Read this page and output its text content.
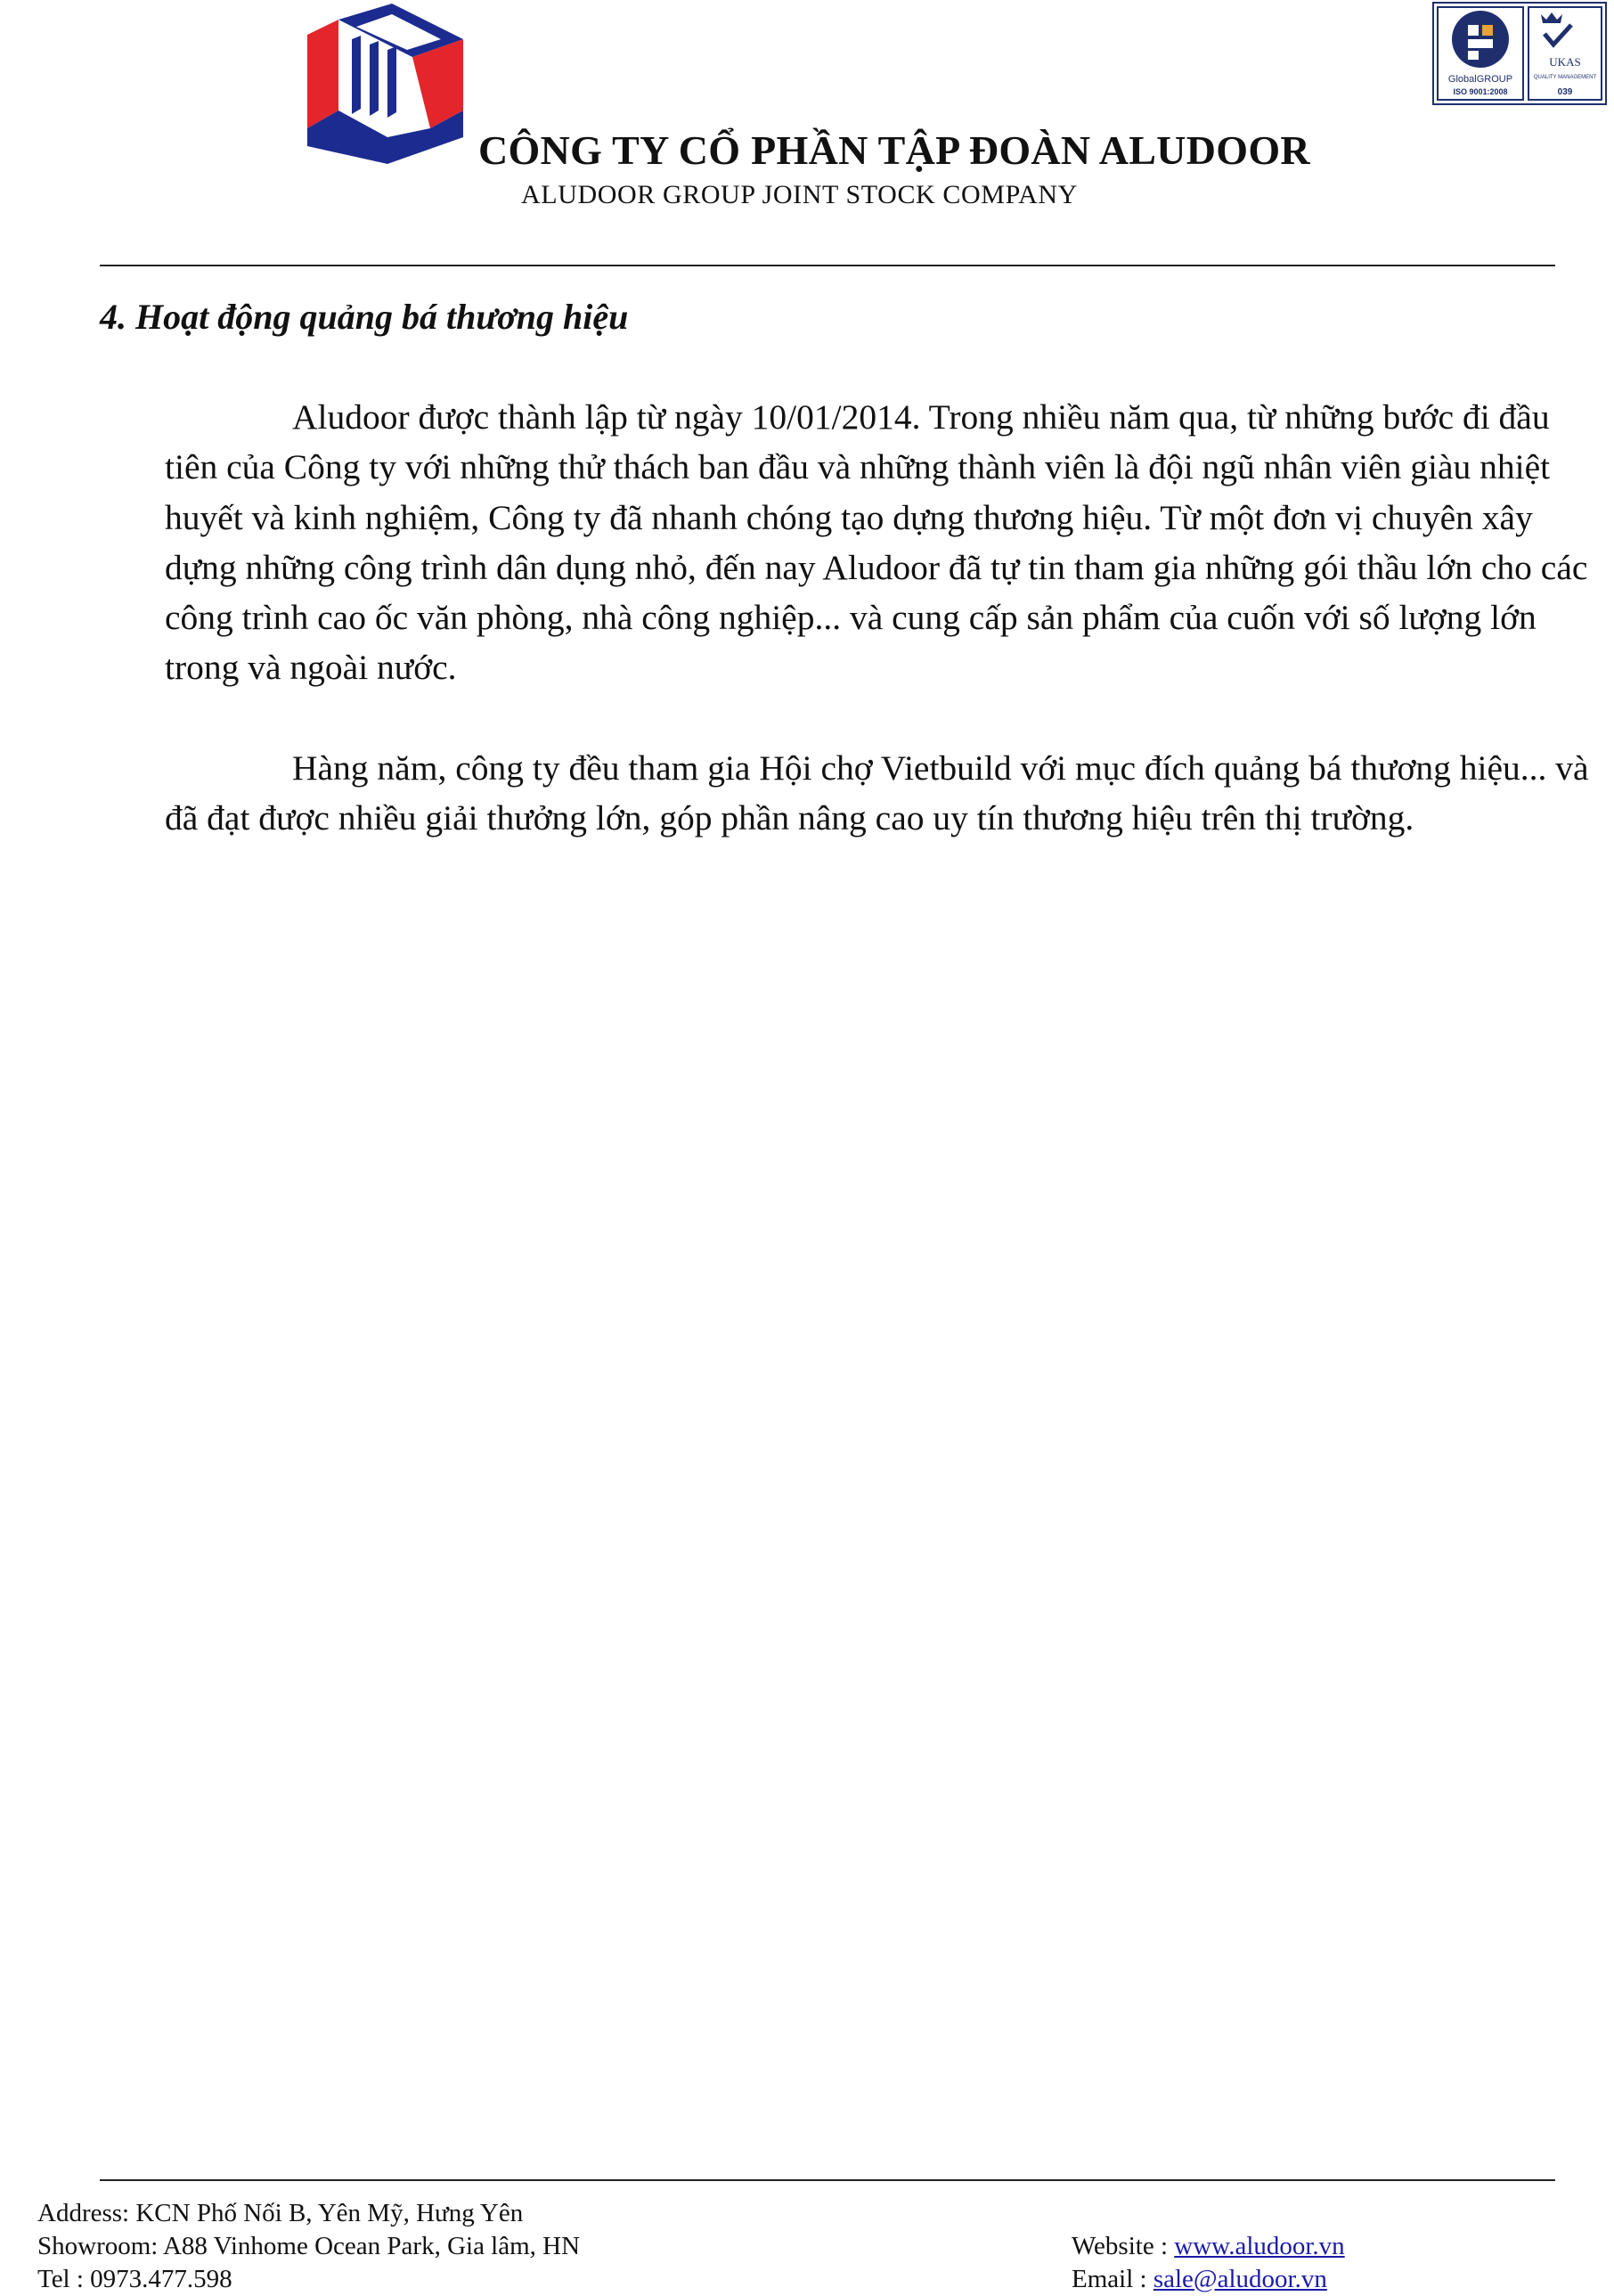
GlobalGROUP
ISO 9001:2008
UKAS
QUALITY MANAGEMENT
039
CÔNG TY CỔ PHẦN TẬP ĐOÀN ALUDOOR
ALUDOOR GROUP JOINT STOCK COMPANY
4. Hoạt động quảng bá thương hiệu

Aludoor được thành lập từ ngày 10/01/2014. Trong nhiều năm qua, từ những bước đi đầu tiên của Công ty với những thử thách ban đầu và những thành viên là đội ngũ nhân viên giàu nhiệt huyết và kinh nghiệm, Công ty đã nhanh chóng tạo dựng thương hiệu. Từ một đơn vị chuyên xây dựng những công trình dân dụng nhỏ, đến nay Aludoor đã tự tin tham gia những gói thầu lớn cho các công trình cao ốc văn phòng, nhà công nghiệp... và cung cấp sản phẩm của cuốn với số lượng lớn trong và ngoài nước.

Hàng năm, công ty đều tham gia Hội chợ Vietbuild với mục đích quảng bá thương hiệu... và đã đạt được nhiều giải thưởng lớn, góp phần nâng cao uy tín thương hiệu trên thị trường.

Address: KCN Phố Nối B, Yên Mỹ, Hưng Yên
Showroom: A88 Vinhome Ocean Park, Gia lâm, HN
Tel : 0973.477.598
Website : www.aludoor.vn
Email : sale@aludoor.vn
